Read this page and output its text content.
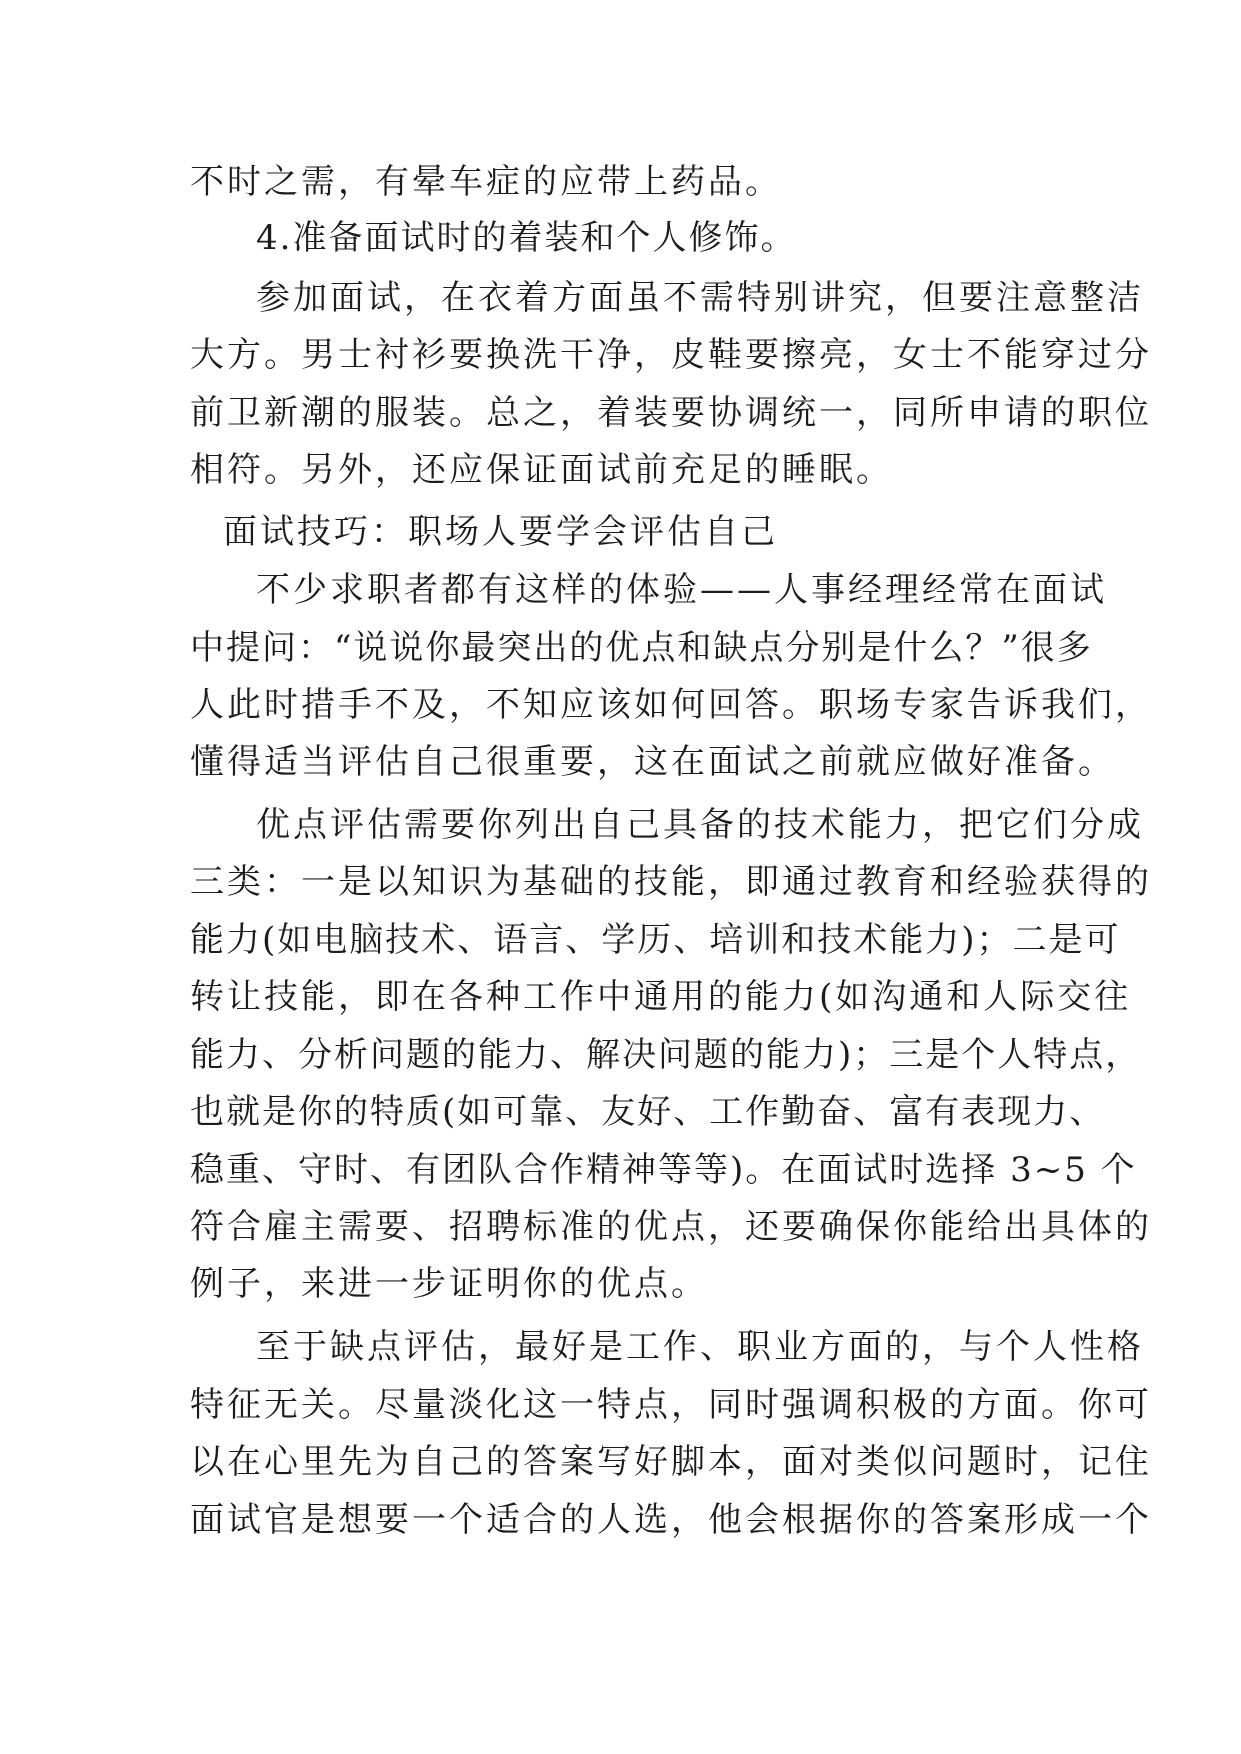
不时之需，有晕车症的应带上药品。
4.准备面试时的着装和个人修饰。
参加面试，在衣着方面虽不需特别讲究，但要注意整洁
大方。男士衬衫要换洗干净，皮鞋要擦亮，女士不能穿过分
前卫新潮的服装。总之，着装要协调统一，同所申请的职位
相符。另外，还应保证面试前充足的睡眠。
面试技巧：职场人要学会评估自己
不少求职者都有这样的体验——人事经理经常在面试
中提问：“说说你最突出的优点和缺点分别是什么？”很多
人此时措手不及，不知应该如何回答。职场专家告诉我们，
懂得适当评估自己很重要，这在面试之前就应做好准备。
优点评估需要你列出自己具备的技术能力，把它们分成
三类：一是以知识为基础的技能，即通过教育和经验获得的
能力(如电脑技术、语言、学历、培训和技术能力)；二是可
转让技能，即在各种工作中通用的能力(如沟通和人际交往
能力、分析问题的能力、解决问题的能力)；三是个人特点，
也就是你的特质(如可靠、友好、工作勤奋、富有表现力、
稳重、守时、有团队合作精神等等)。在面试时选择 3~5 个
符合雇主需要、招聘标准的优点，还要确保你能给出具体的
例子，来进一步证明你的优点。
至于缺点评估，最好是工作、职业方面的，与个人性格
特征无关。尽量淡化这一特点，同时强调积极的方面。你可
以在心里先为自己的答案写好脚本，面对类似问题时，记住
面试官是想要一个适合的人选，他会根据你的答案形成一个
